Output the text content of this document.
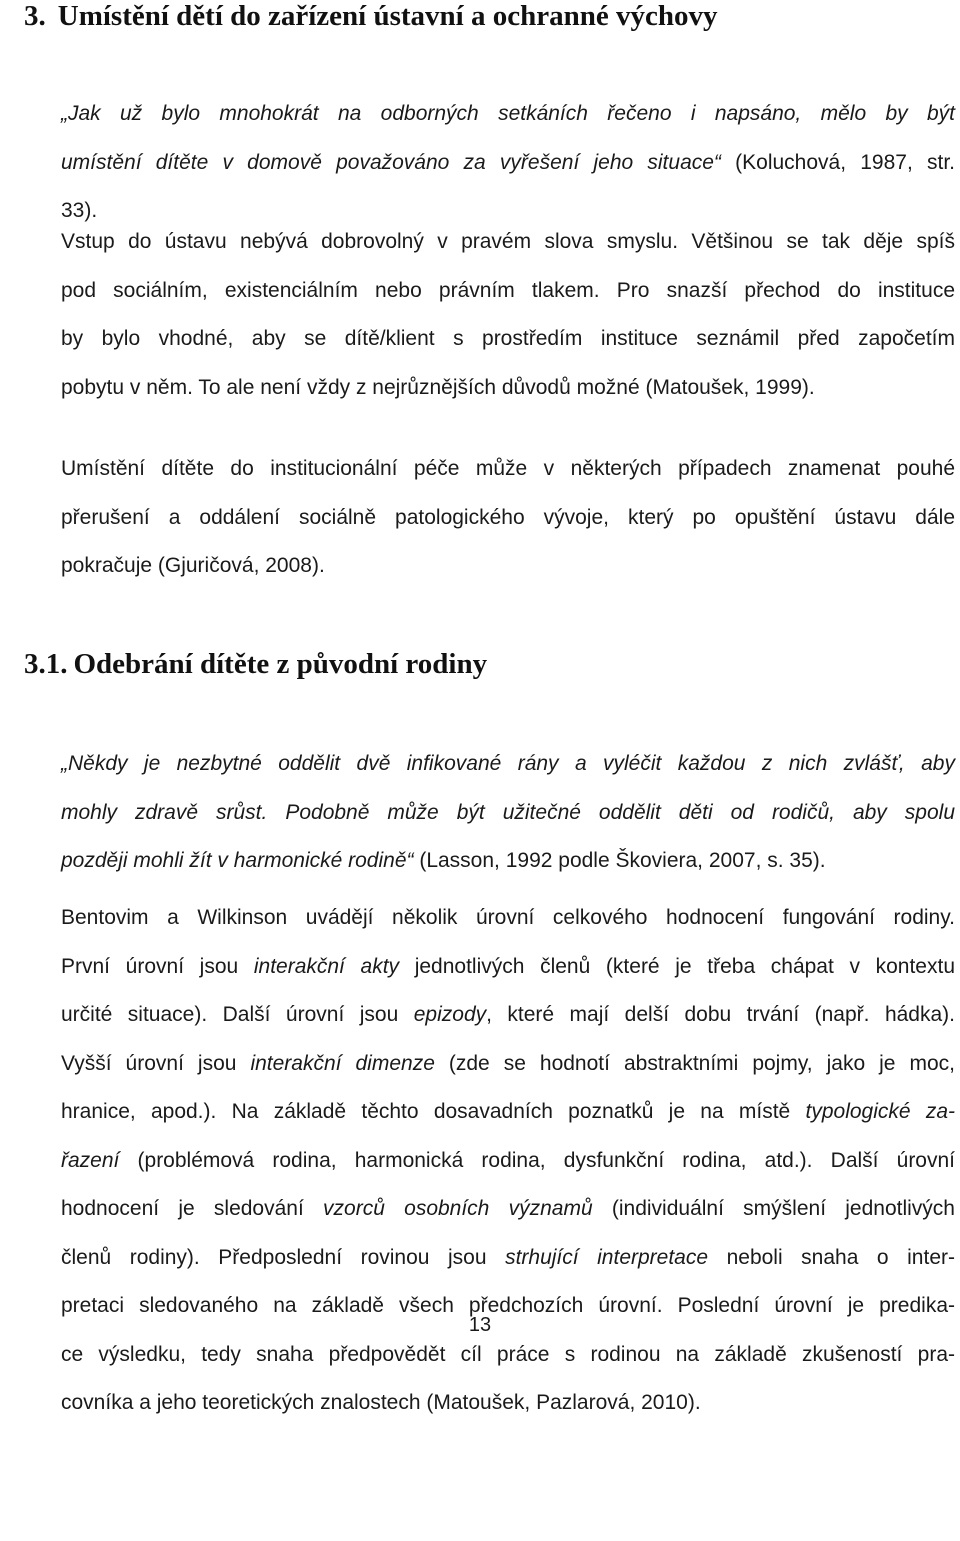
3. Umístění dětí do zařízení ústavní a ochranné výchovy
„Jak už bylo mnohokrát na odborných setkáních řečeno i napsáno, mělo by být
umístění dítěte v domově považováno za vyřešení jeho situace“ (Koluchová, 1987, str.
33).
Vstup do ústavu nebývá dobrovolný v pravém slova smyslu. Většinou se tak děje spíš
pod sociálním, existenciálním nebo právním tlakem. Pro snazší přechod do instituce
by bylo vhodné, aby se dítě/klient s prostředím instituce seznámil před započetím
pobytu v něm. To ale není vždy z nejrůznějších důvodů možné (Matoušek, 1999).
Umístění dítěte do institucionální péče může v některých případech znamenat pouhé
přerušení a oddálení sociálně patologického vývoje, který po opuštění ústavu dále
pokračuje (Gjuričová, 2008).
3.1. Odebrání dítěte z původní rodiny
„Někdy je nezbytné oddělit dvě infikované rány a vyléčit každou z nich zvlášť, aby
mohly zdravě srůst. Podobně může být užitečné oddělit děti od rodičů, aby spolu
později mohli žít v harmonické rodině“ (Lasson, 1992 podle Škoviera, 2007, s. 35).
Bentovim a Wilkinson uvádějí několik úrovní celkového hodnocení fungování rodiny.
První úrovní jsou interakční akty jednotlivých členů (které je třeba chápat v kontextu
určité situace). Další úrovní jsou epizody, které mají delší dobu trvání (např. hádka).
Vyšší úrovní jsou interakční dimenze (zde se hodnotí abstraktními pojmy, jako je moc,
hranice, apod.). Na základě těchto dosavadních poznatků je na místě typologické za-
řazení (problémová rodina, harmonická rodina, dysfunkční rodina, atd.). Další úrovní
hodnocení je sledování vzorců osobních významů (individuální smýšlení jednotlivých
členů rodiny). Předposlední rovinou jsou strhující interpretace neboli snaha o inter-
pretaci sledovaného na základě všech předchozích úrovní. Poslední úrovní je predika-
ce výsledku, tedy snaha předpovědět cíl práce s rodinou na základě zkušeností pra-
covníka a jeho teoretických znalostech (Matoušek, Pazlarová, 2010).
13
